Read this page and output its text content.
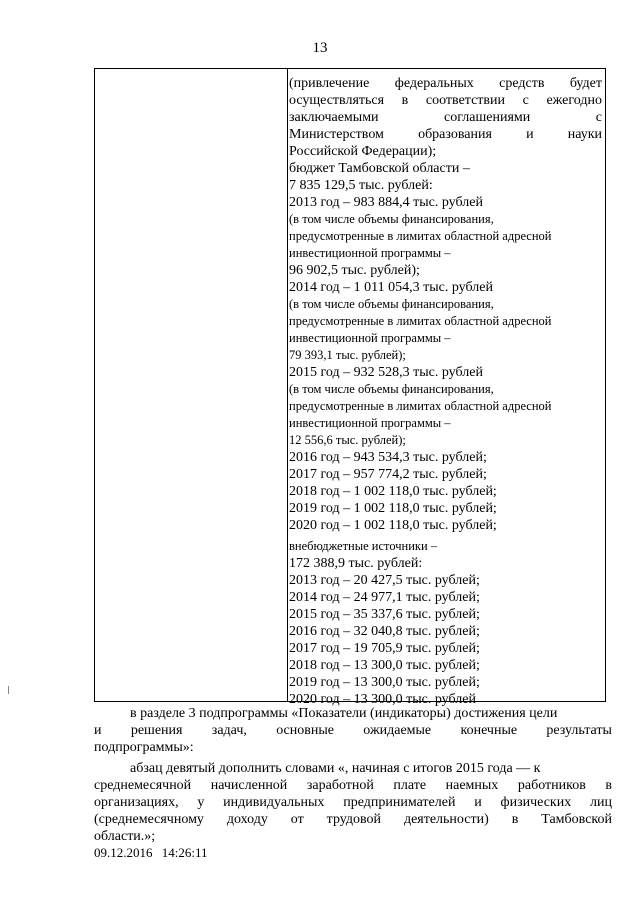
13
(привлечение федеральных средств будет
осуществляться в соответствии с ежегодно
заключаемыми	соглашениями	с
Министерством образования и науки
Российской Федерации);
бюджет Тамбовской области –
7 835 129,5 тыс. рублей:
2013 год – 983 884,4 тыс. рублей
(в том числе объемы финансирования,
предусмотренные в лимитах областной адресной
инвестиционной программы –
96 902,5 тыс. рублей);
2014 год – 1 011 054,3 тыс. рублей
(в том числе объемы финансирования,
предусмотренные в лимитах областной адресной
инвестиционной программы –
79 393,1 тыс. рублей);
2015 год – 932 528,3 тыс. рублей
(в том числе объемы финансирования,
предусмотренные в лимитах областной адресной
инвестиционной программы –
12 556,6 тыс. рублей);
2016 год – 943 534,3 тыс. рублей;
2017 год – 957 774,2 тыс. рублей;
2018 год – 1 002 118,0 тыс. рублей;
2019 год – 1 002 118,0 тыс. рублей;
2020 год – 1 002 118,0 тыс. рублей;
внебюджетные источники –
172 388,9 тыс. рублей:
2013 год – 20 427,5 тыс. рублей;
2014 год – 24 977,1 тыс. рублей;
2015 год – 35 337,6 тыс. рублей;
2016 год – 32 040,8 тыс. рублей;
2017 год – 19 705,9 тыс. рублей;
2018 год – 13 300,0 тыс. рублей;
2019 год – 13 300,0 тыс. рублей;
2020 год – 13 300,0 тыс. рублей
в разделе 3 подпрограммы «Показатели (индикаторы) достижения цели
и решения задач, основные ожидаемые конечные результаты
подпрограммы»:
абзац девятый дополнить словами «, начиная с итогов 2015 года — к
среднемесячной начисленной заработной плате наемных работников в
организациях, у индивидуальных предпринимателей и физических лиц
(среднемесячному доходу от трудовой деятельности) в Тамбовской
области.»;
09.12.2016 14:26:11
